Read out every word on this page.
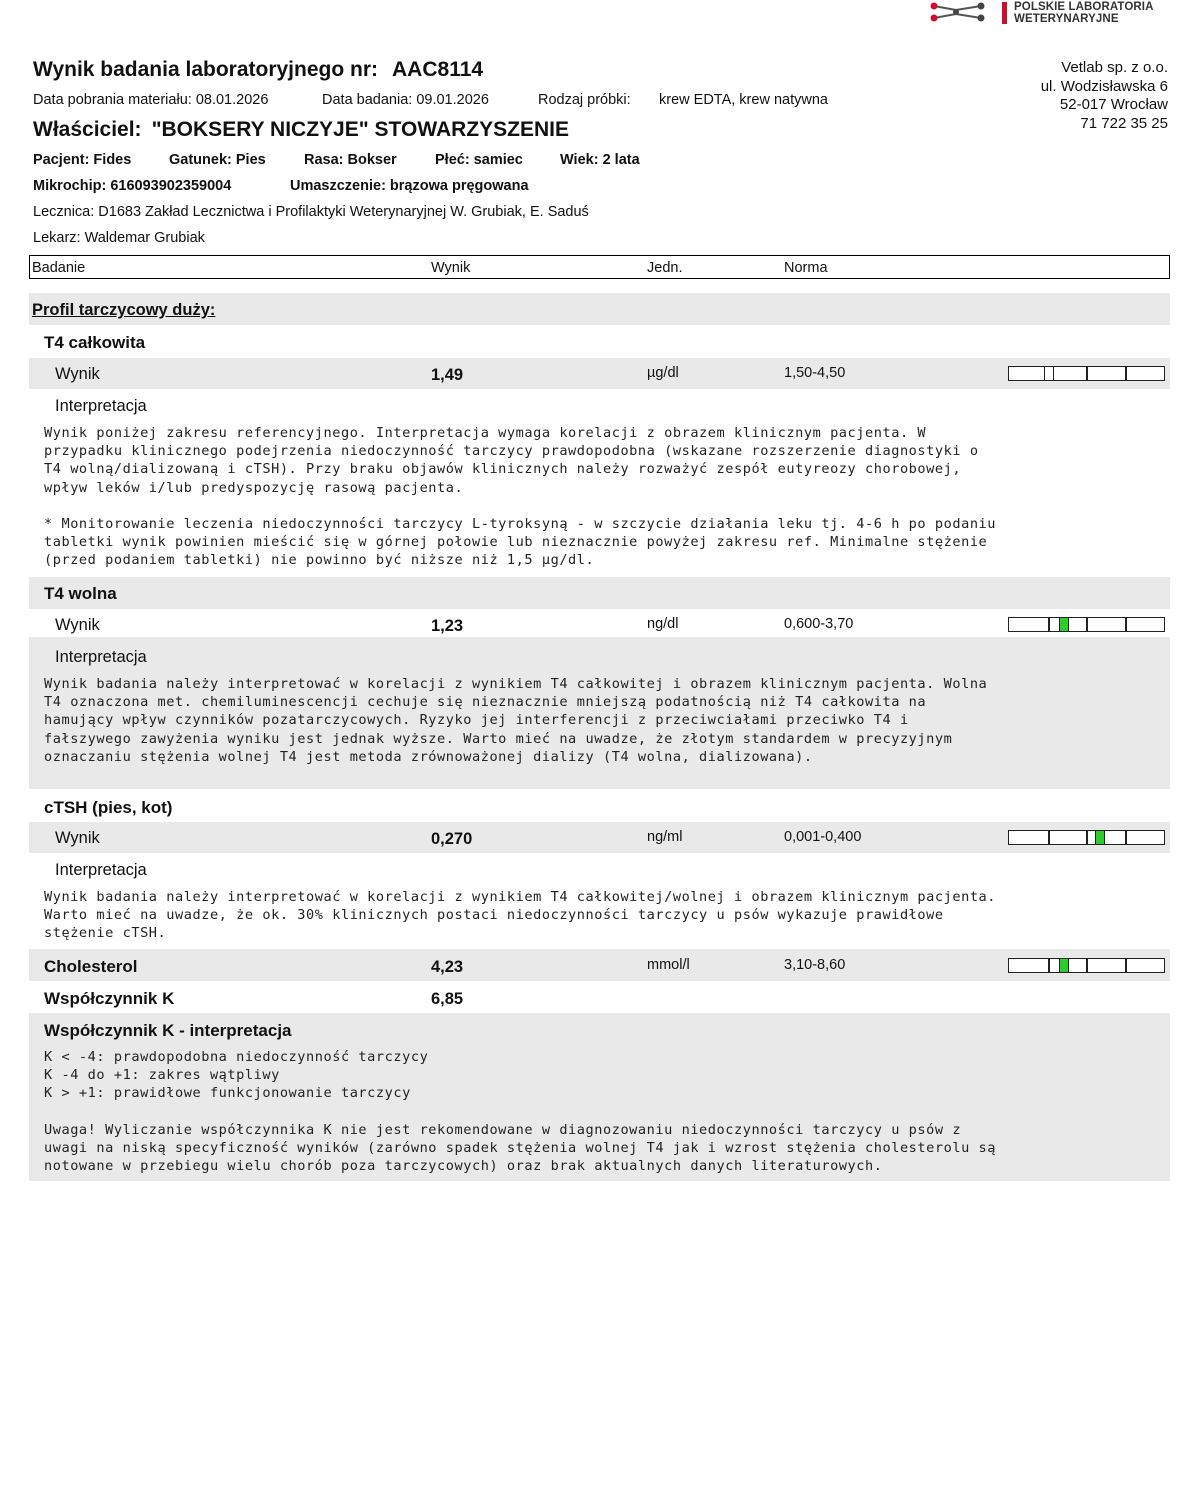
POLSKIE LABORATORIA
WETERYNARYJNE
Wynik badania laboratoryjnego nr: AAC8114	Vetlab sp. z o.o.
ul. Wodzisławska 6
52-017 Wrocław
71 722 35 25
Data pobrania materiału: 08.01.2026	Data badania: 09.01.2026	Rodzaj próbki: krew EDTA, krew natywna
Właściciel: "BOKSERY NICZYJE" STOWARZYSZENIE
Pacjent: Fides	Gatunek: Pies	Rasa: Bokser	Płeć: samiec	Wiek: 2 lata
Mikrochip: 616093902359004	Umaszczenie: brązowa pręgowana
Lecznica: D1683 Zakład Lecznictwa i Profilaktyki Weterynaryjnej W. Grubiak, E. Saduś
Lekarz: Waldemar Grubiak
Badanie	Wynik	Jedn.	Norma
Profil tarczycowy duży:
T4 całkowita
Wynik	1,49	µg/dl	1,50-4,50
Interpretacja
Wynik poniżej zakresu referencyjnego. Interpretacja wymaga korelacji z obrazem klinicznym pacjenta. W
przypadku klinicznego podejrzenia niedoczynność tarczycy prawdopodobna (wskazane rozszerzenie diagnostyki o
T4 wolną/dializowaną i cTSH). Przy braku objawów klinicznych należy rozważyć zespół eutyreozy chorobowej,
wpływ leków i/lub predyspozycję rasową pacjenta.

* Monitorowanie leczenia niedoczynności tarczycy L-tyroksyną - w szczycie działania leku tj. 4-6 h po podaniu
tabletki wynik powinien mieścić się w górnej połowie lub nieznacznie powyżej zakresu ref. Minimalne stężenie
(przed podaniem tabletki) nie powinno być niższe niż 1,5 µg/dl.
T4 wolna
Wynik	1,23	ng/dl	0,600-3,70
Interpretacja
Wynik badania należy interpretować w korelacji z wynikiem T4 całkowitej i obrazem klinicznym pacjenta. Wolna
T4 oznaczona met. chemiluminescencji cechuje się nieznacznie mniejszą podatnością niż T4 całkowita na
hamujący wpływ czynników pozatarczycowych. Ryzyko jej interferencji z przeciwciałami przeciwko T4 i
fałszywego zawyżenia wyniku jest jednak wyższe. Warto mieć na uwadze, że złotym standardem w precyzyjnym
oznaczaniu stężenia wolnej T4 jest metoda zrównoważonej dializy (T4 wolna, dializowana).
cTSH (pies, kot)
Wynik	0,270	ng/ml	0,001-0,400
Interpretacja
Wynik badania należy interpretować w korelacji z wynikiem T4 całkowitej/wolnej i obrazem klinicznym pacjenta.
Warto mieć na uwadze, że ok. 30% klinicznych postaci niedoczynności tarczycy u psów wykazuje prawidłowe
stężenie cTSH.
Cholesterol	4,23	mmol/l	3,10-8,60
Współczynnik K	6,85
Współczynnik K - interpretacja
K < -4: prawdopodobna niedoczynność tarczycy
K -4 do +1: zakres wątpliwy
K > +1: prawidłowe funkcjonowanie tarczycy

Uwaga! Wyliczanie współczynnika K nie jest rekomendowane w diagnozowaniu niedoczynności tarczycy u psów z
uwagi na niską specyficzność wyników (zarówno spadek stężenia wolnej T4 jak i wzrost stężenia cholesterolu są
notowane w przebiegu wielu chorób poza tarczycowych) oraz brak aktualnych danych literaturowych.
